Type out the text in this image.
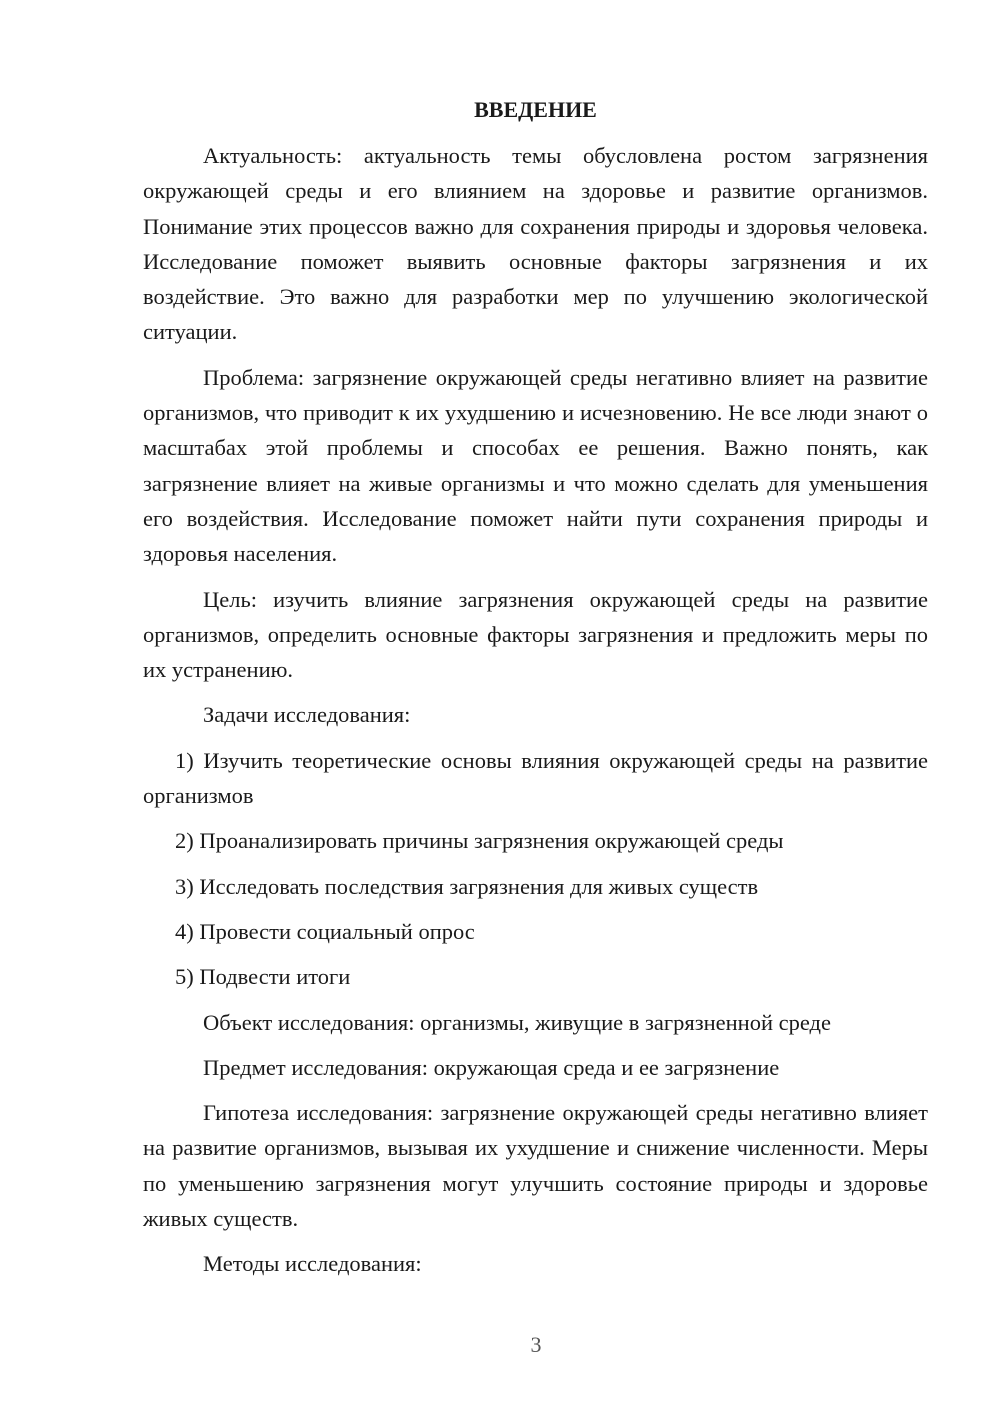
ВВЕДЕНИЕ

Актуальность: актуальность темы обусловлена ростом загрязнения окружающей среды и его влиянием на здоровье и развитие организмов. Понимание этих процессов важно для сохранения природы и здоровья человека. Исследование поможет выявить основные факторы загрязнения и их воздействие. Это важно для разработки мер по улучшению экологической ситуации.

Проблема: загрязнение окружающей среды негативно влияет на развитие организмов, что приводит к их ухудшению и исчезновению. Не все люди знают о масштабах этой проблемы и способах ее решения. Важно понять, как загрязнение влияет на живые организмы и что можно сделать для уменьшения его воздействия. Исследование поможет найти пути сохранения природы и здоровья населения.

Цель: изучить влияние загрязнения окружающей среды на развитие организмов, определить основные факторы загрязнения и предложить меры по их устранению.

Задачи исследования:

1) Изучить теоретические основы влияния окружающей среды на развитие организмов

2) Проанализировать причины загрязнения окружающей среды

3) Исследовать последствия загрязнения для живых существ

4) Провести социальный опрос

5) Подвести итоги

Объект исследования: организмы, живущие в загрязненной среде

Предмет исследования: окружающая среда и ее загрязнение

Гипотеза исследования: загрязнение окружающей среды негативно влияет на развитие организмов, вызывая их ухудшение и снижение численности. Меры по уменьшению загрязнения могут улучшить состояние природы и здоровье живых существ.

Методы исследования:

3
